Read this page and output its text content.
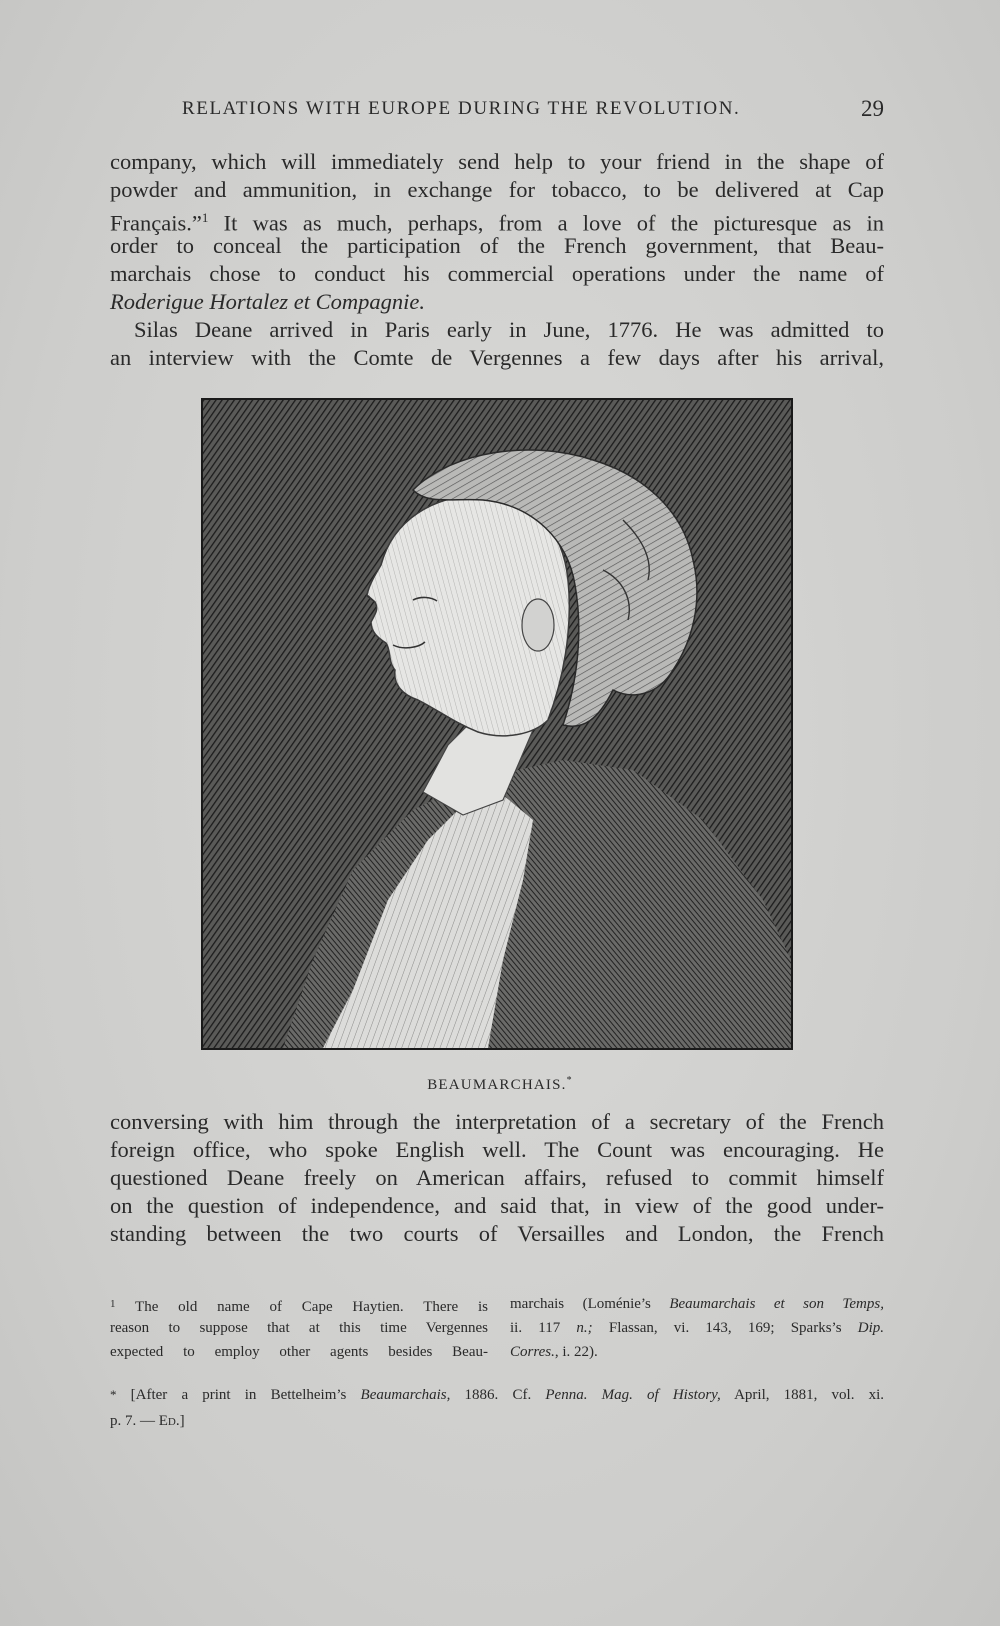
RELATIONS WITH EUROPE DURING THE REVOLUTION.	29
company, which will immediately send help to your friend in the shape of
powder and ammunition, in exchange for tobacco, to be delivered at Cap
Français.”$^1$ It was as much, perhaps, from a love of the picturesque as in
order to conceal the participation of the French government, that Beau-
marchais chose to conduct his commercial operations under the name of
Roderigue Hortalez et Compagnie.
Silas Deane arrived in Paris early in June, 1776. He was admitted to
an interview with the Comte de Vergennes a few days after his arrival,
BEAUMARCHAIS.*
conversing with him through the interpretation of a secretary of the French
foreign office, who spoke English well. The Count was encouraging. He
questioned Deane freely on American affairs, refused to commit himself
on the question of independence, and said that, in view of the good under-
standing between the two courts of Versailles and London, the French
$^1$ The old name of Cape Haytien. There is
reason to suppose that at this time Vergennes
expected to employ other agents besides Beau-
marchais (Loménie’s Beaumarchais et son Temps,
ii. 117 n.; Flassan, vi. 143, 169; Sparks’s Dip.
Corres., i. 22).
* [After a print in Bettelheim’s Beaumarchais, 1886. Cf. Penna. Mag. of History, April, 1881, vol. xi.
p. 7. — Ed.]
